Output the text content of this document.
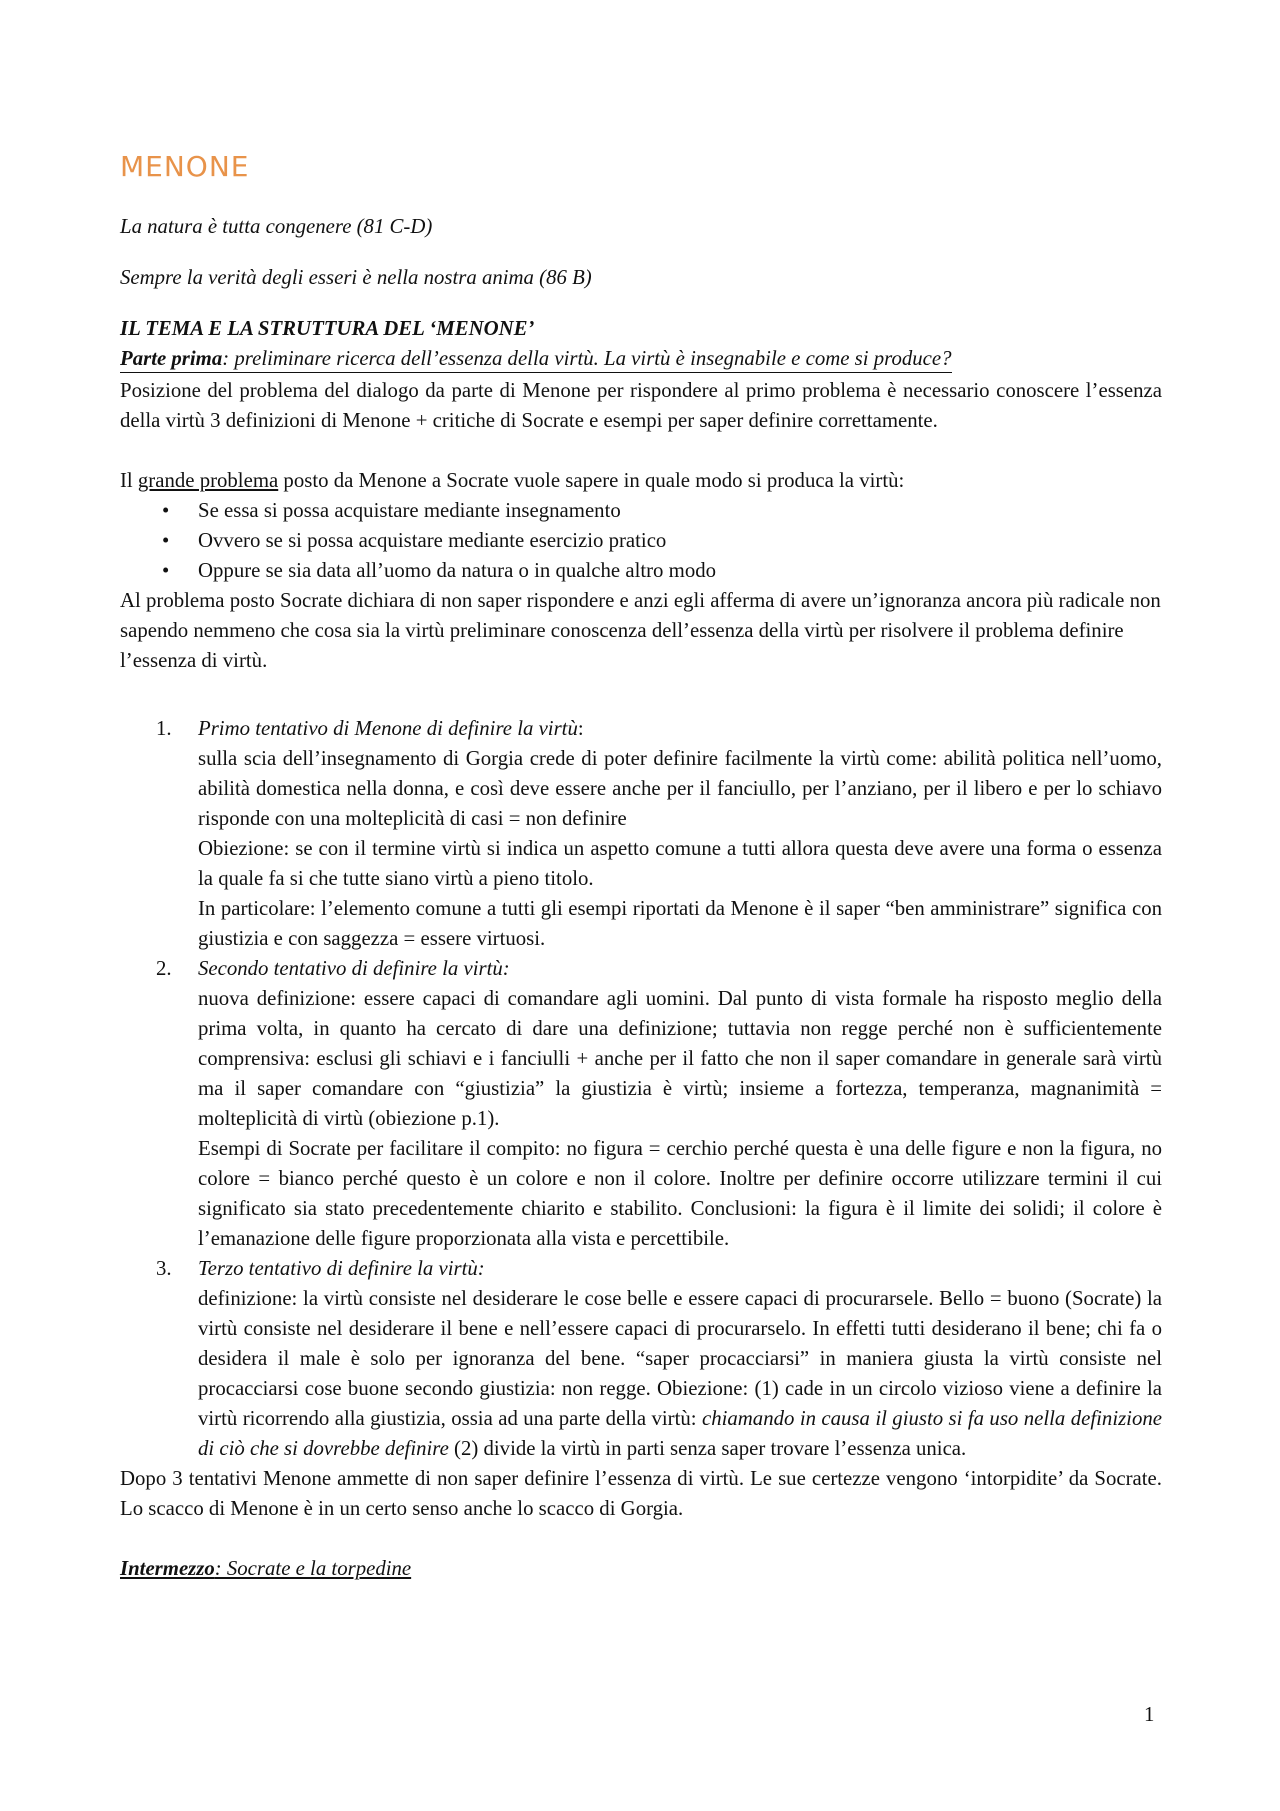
MENONE

La natura è tutta congenere (81 C-D)

Sempre la verità degli esseri è nella nostra anima (86 B)

IL TEMA E LA STRUTTURA DEL ‘MENONE’

Parte prima: preliminare ricerca dell’essenza della virtù. La virtù è insegnabile e come si produce?

Posizione del problema del dialogo da parte di Menone per rispondere al primo problema è necessario conoscere l’essenza della virtù 3 definizioni di Menone + critiche di Socrate e esempi per saper definire correttamente.

Il grande problema posto da Menone a Socrate vuole sapere in quale modo si produca la virtù:

• Se essa si possa acquistare mediante insegnamento
• Ovvero se si possa acquistare mediante esercizio pratico
• Oppure se sia data all’uomo da natura o in qualche altro modo

Al problema posto Socrate dichiara di non saper rispondere e anzi egli afferma di avere un’ignoranza ancora più radicale non sapendo nemmeno che cosa sia la virtù preliminare conoscenza dell’essenza della virtù per risolvere il problema definire l’essenza di virtù.

1. Primo tentativo di Menone di definire la virtù:

sulla scia dell’insegnamento di Gorgia crede di poter definire facilmente la virtù come: abilità politica nell’uomo, abilità domestica nella donna, e così deve essere anche per il fanciullo, per l’anziano, per il libero e per lo schiavo risponde con una molteplicità di casi = non definire

Obiezione: se con il termine virtù si indica un aspetto comune a tutti allora questa deve avere una forma o essenza la quale fa si che tutte siano virtù a pieno titolo.

In particolare: l’elemento comune a tutti gli esempi riportati da Menone è il saper “ben amministrare” significa con giustizia e con saggezza = essere virtuosi.

2. Secondo tentativo di definire la virtù:

nuova definizione: essere capaci di comandare agli uomini. Dal punto di vista formale ha risposto meglio della prima volta, in quanto ha cercato di dare una definizione; tuttavia non regge perché non è sufficientemente comprensiva: esclusi gli schiavi e i fanciulli + anche per il fatto che non il saper comandare in generale sarà virtù ma il saper comandare con “giustizia” la giustizia è virtù; insieme a fortezza, temperanza, magnanimità = molteplicità di virtù (obiezione p.1).

Esempi di Socrate per facilitare il compito: no figura = cerchio perché questa è una delle figure e non la figura, no colore = bianco perché questo è un colore e non il colore. Inoltre per definire occorre utilizzare termini il cui significato sia stato precedentemente chiarito e stabilito. Conclusioni: la figura è il limite dei solidi; il colore è l’emanazione delle figure proporzionata alla vista e percettibile.

3. Terzo tentativo di definire la virtù:

definizione: la virtù consiste nel desiderare le cose belle e essere capaci di procurarsele. Bello = buono (Socrate) la virtù consiste nel desiderare il bene e nell’essere capaci di procurarselo. In effetti tutti desiderano il bene; chi fa o desidera il male è solo per ignoranza del bene. “saper procacciarsi” in maniera giusta la virtù consiste nel procacciarsi cose buone secondo giustizia: non regge. Obiezione: (1) cade in un circolo vizioso viene a definire la virtù ricorrendo alla giustizia, ossia ad una parte della virtù: chiamando in causa il giusto si fa uso nella definizione di ciò che si dovrebbe definire (2) divide la virtù in parti senza saper trovare l’essenza unica.

Dopo 3 tentativi Menone ammette di non saper definire l’essenza di virtù. Le sue certezze vengono ‘intorpidite’ da Socrate. Lo scacco di Menone è in un certo senso anche lo scacco di Gorgia.

Intermezzo: Socrate e la torpedine
1
